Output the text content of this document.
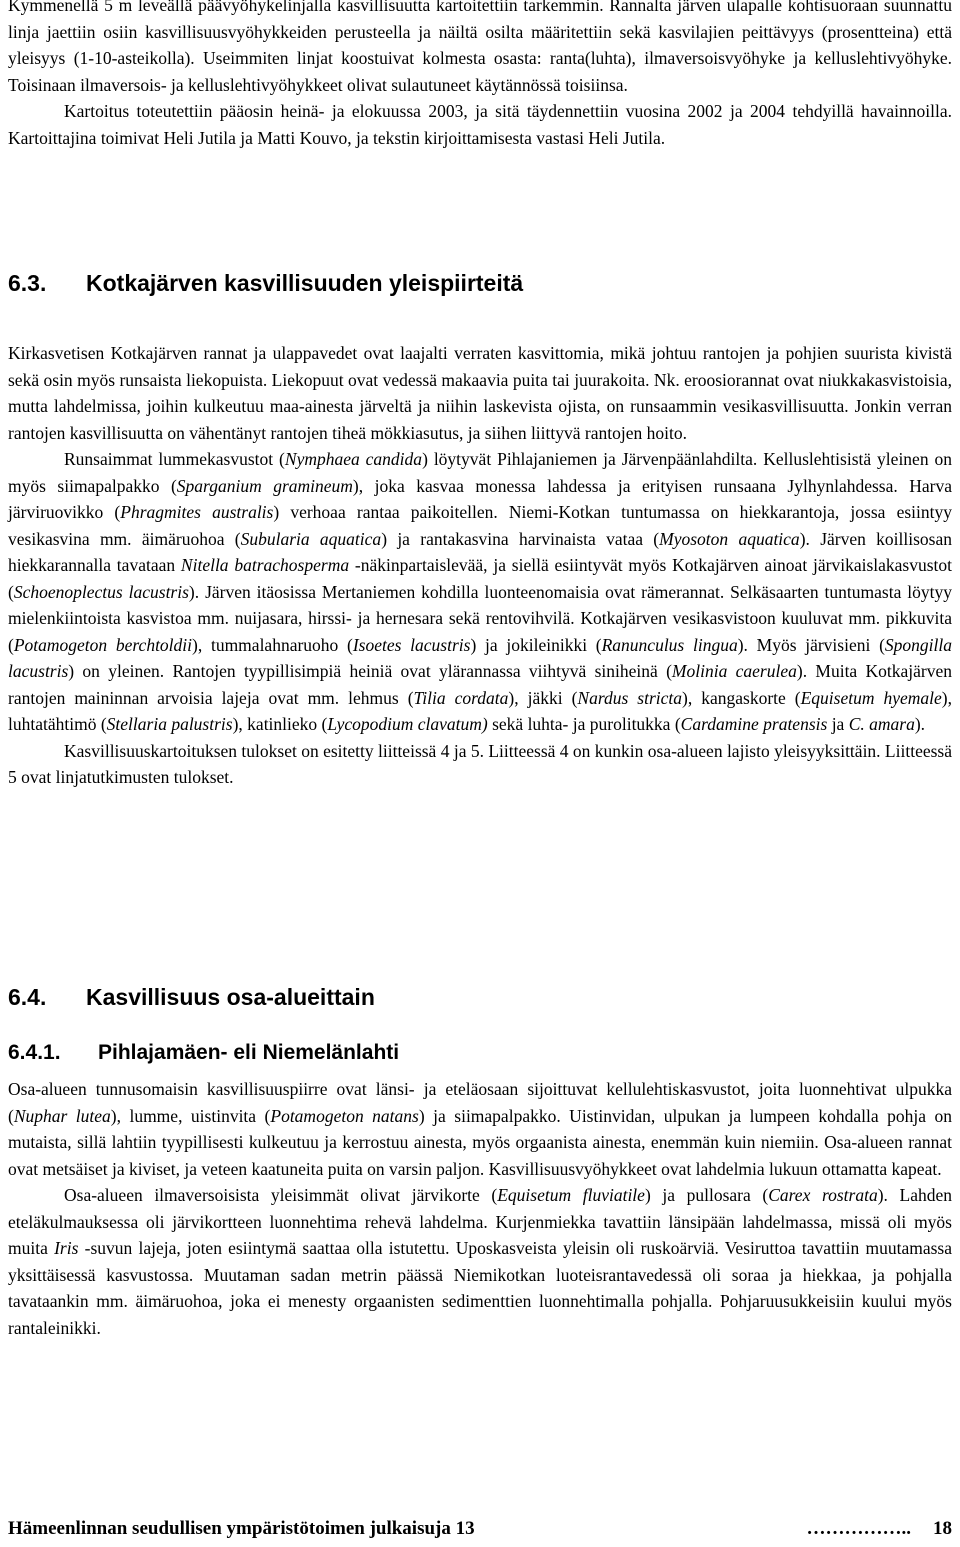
Kymmenellä 5 m leveällä päävyöhykelinjalla kasvillisuutta kartoitettiin tarkemmin. Rannalta järven ulapalle kohtisuoraan suunnattu linja jaettiin osiin kasvillisuusvyöhykkeiden perusteella ja näiltä osilta määritettiin sekä kasvilajien peittävyys (prosentteina) että yleisyys (1-10-asteikolla). Useimmiten linjat koostuivat kolmesta osasta: ranta(luhta), ilmaversoisvyöhyke ja kelluslehtivyöhyke. Toisinaan ilmaversois- ja kelluslehtivyöhykkeet olivat sulautuneet käytännössä toisiinsa.

Kartoitus toteutettiin pääosin heinä- ja elokuussa 2003, ja sitä täydennettiin vuosina 2002 ja 2004 tehdyillä havainnoilla. Kartoittajina toimivat Heli Jutila ja Matti Kouvo, ja tekstin kirjoittamisesta vastasi Heli Jutila.

6.3. Kotkajärven kasvillisuuden yleispiirteitä

Kirkasvetisen Kotkajärven rannat ja ulappavedet ovat laajalti verraten kasvittomia, mikä johtuu rantojen ja pohjien suurista kivistä sekä osin myös runsaista liekopuista. Liekopuut ovat vedessä makaavia puita tai juurakoita. Nk. eroosiorannat ovat niukkakasvistoisia, mutta lahdelmissa, joihin kulkeutuu maa-ainesta järveltä ja niihin laskevista ojista, on runsaammin vesikasvillisuutta. Jonkin verran rantojen kasvillisuutta on vähentänyt rantojen tiheä mökkiasutus, ja siihen liittyvä rantojen hoito.

Runsaimmat lummekasvustot (Nymphaea candida) löytyvät Pihlajaniemen ja Järvenpäänlahdilta. Kelluslehtisistä yleinen on myös siimapalpakko (Sparganium gramineum), joka kasvaa monessa lahdessa ja erityisen runsaana Jylhynlahdessa. Harva järviruovikko (Phragmites australis) verhoaa rantaa paikoitellen. Niemi-Kotkan tuntumassa on hiekkarantoja, jossa esiintyy vesikasvina mm. äimäruohoa (Subularia aquatica) ja rantakasvina harvinaista vataa (Myosoton aquatica). Järven koillisosan hiekkarannalla tavataan Nitella batrachosperma -näkinpartaislevää, ja siellä esiintyvät myös Kotkajärven ainoat järvikaislakasvustot (Schoenoplectus lacustris). Järven itäosissa Mertaniemen kohdilla luonteenomaisia ovat rämerannat. Selkäsaarten tuntumasta löytyy mielenkiintoista kasvistoa mm. nuijasara, hirssi- ja hernesara sekä rentovihvilä. Kotkajärven vesikasvistoon kuuluvat mm. pikkuvita (Potamogeton berchtoldii), tummalahnaruoho (Isoetes lacustris) ja jokileinikki (Ranunculus lingua). Myös järvisieni (Spongilla lacustris) on yleinen. Rantojen tyypillisimpiä heiniä ovat ylärannassa viihtyvä siniheinä (Molinia caerulea). Muita Kotkajärven rantojen maininnan arvoisia lajeja ovat mm. lehmus (Tilia cordata), jäkki (Nardus stricta), kangaskorte (Equisetum hyemale), luhtatähtimö (Stellaria palustris), katinlieko (Lycopodium clavatum) sekä luhta- ja purolitukka (Cardamine pratensis ja C. amara).

Kasvillisuuskartoituksen tulokset on esitetty liitteissä 4 ja 5. Liitteessä 4 on kunkin osa-alueen lajisto yleisyyksittäin. Liitteessä 5 ovat linjatutkimusten tulokset.

6.4. Kasvillisuus osa-alueittain
6.4.1. Pihlajamäen- eli Niemelänlahti

Osa-alueen tunnusomaisin kasvillisuuspiirre ovat länsi- ja eteläosaan sijoittuvat kellulehtiskasvustot, joita luonnehtivat ulpukka (Nuphar lutea), lumme, uistinvita (Potamogeton natans) ja siimapalpakko. Uistinvidan, ulpukan ja lumpeen kohdalla pohja on mutaista, sillä lahtiin tyypillisesti kulkeutuu ja kerrostuu ainesta, myös orgaanista ainesta, enemmän kuin niemiin. Osa-alueen rannat ovat metsäiset ja kiviset, ja veteen kaatuneita puita on varsin paljon. Kasvillisuusvyöhykkeet ovat lahdelmia lukuun ottamatta kapeat.

Osa-alueen ilmaversoisista yleisimmät olivat järvikorte (Equisetum fluviatile) ja pullosara (Carex rostrata). Lahden eteläkulmauksessa oli järvikortteen luonnehtima rehevä lahdelma. Kurjenmiekka tavattiin länsipään lahdelmassa, missä oli myös muita Iris -suvun lajeja, joten esiintymä saattaa olla istutettu. Uposkasveista yleisin oli ruskoärviä. Vesiruttoa tavattiin muutamassa yksittäisessä kasvustossa. Muutaman sadan metrin päässä Niemikotkan luoteisrantavedessä oli soraa ja hiekkaa, ja pohjalla tavataankin mm. äimäruohoa, joka ei menesty orgaanisten sedimenttien luonnehtimalla pohjalla. Pohjaruusukkeisiin kuului myös rantaleinikki.

Hämeenlinnan seudullisen ympäristötoimen julkaisuja 13	…………….. 18
